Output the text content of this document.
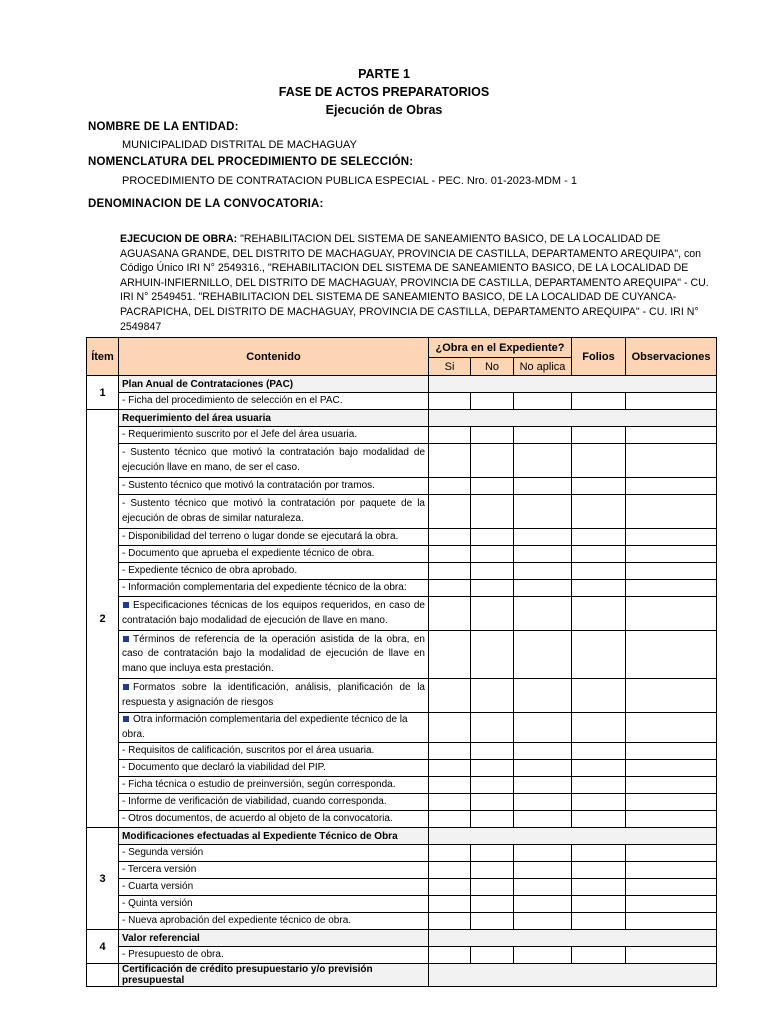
PARTE 1
FASE DE ACTOS PREPARATORIOS
Ejecución de Obras
NOMBRE DE LA ENTIDAD:
MUNICIPALIDAD DISTRITAL DE MACHAGUAY
NOMENCLATURA DEL PROCEDIMIENTO DE SELECCIÓN:
PROCEDIMIENTO DE CONTRATACION PUBLICA ESPECIAL - PEC. Nro. 01-2023-MDM - 1
DENOMINACION DE LA CONVOCATORIA:
EJECUCION DE OBRA: "REHABILITACION DEL SISTEMA DE SANEAMIENTO BASICO, DE LA LOCALIDAD DE AGUASANA GRANDE, DEL DISTRITO DE MACHAGUAY, PROVINCIA DE CASTILLA, DEPARTAMENTO AREQUIPA", con Código Único IRI N° 2549316., "REHABILITACION DEL SISTEMA DE SANEAMIENTO BASICO, DE LA LOCALIDAD DE ARHUIN-INFIERNILLO, DEL DISTRITO DE MACHAGUAY, PROVINCIA DE CASTILLA, DEPARTAMENTO AREQUIPA" - CU. IRI N° 2549451. "REHABILITACION DEL SISTEMA DE SANEAMIENTO BASICO, DE LA LOCALIDAD DE CUYANCA-PACRAPICHA, DEL DISTRITO DE MACHAGUAY, PROVINCIA DE CASTILLA, DEPARTAMENTO AREQUIPA" - CU. IRI N° 2549847
Ítem	Contenido	¿Obra en el Expediente?			Folios	Observaciones
		Si	No	No aplica		
1	Plan Anual de Contrataciones (PAC)					
	- Ficha del procedimiento de selección en el PAC.					
2	Requerimiento del área usuaria					
	- Requerimiento suscrito por el Jefe del área usuaria.					
	- Sustento técnico que motivó la contratación bajo modalidad de ejecución llave en mano, de ser el caso.					
	- Sustento técnico que motivó la contratación por tramos.					
	- Sustento técnico que motivó la contratación por paquete de la ejecución de obras de similar naturaleza.					
	- Disponibilidad del terreno o lugar donde se ejecutará la obra.					
	- Documento que aprueba el expediente técnico de obra.					
	- Expediente técnico de obra aprobado.					
	- Información complementaria del expediente técnico de la obra:					
	Especificaciones técnicas de los equipos requeridos, en caso de contratación bajo modalidad de ejecución de llave en mano.					
	Términos de referencia de la operación asistida de la obra, en caso de contratación bajo la modalidad de ejecución de llave en mano que incluya esta prestación.					
	Formatos sobre la identificación, análisis, planificación de la respuesta y asignación de riesgos					
	Otra información complementaria del expediente técnico de la obra.					
	- Requisitos de calificación, suscritos por el área usuaria.					
	- Documento que declaró la viabilidad del PIP.					
	- Ficha técnica o estudio de preinversión, según corresponda.					
	- Informe de verificación de viabilidad, cuando corresponda.					
	- Otros documentos, de acuerdo al objeto de la convocatoria.					
3	Modificaciones efectuadas al Expediente Técnico de Obra					
	- Segunda versión					
	- Tercera versión					
	- Cuarta versión					
	- Quinta versión					
	- Nueva aprobación del expediente técnico de obra.					
4	Valor referencial					
	- Presupuesto de obra.					
	Certificación de crédito presupuestario y/o previsión presupuestal					
